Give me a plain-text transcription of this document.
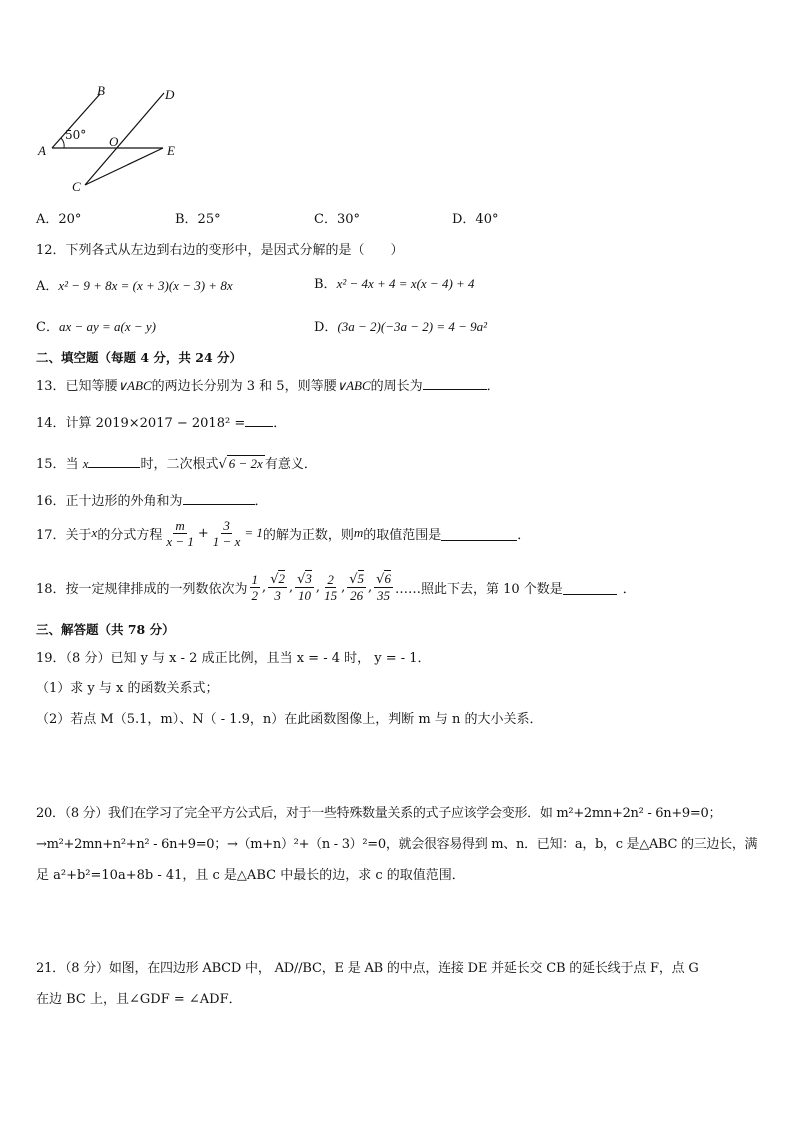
A
B
C
D
E
O
50°
A．20°	B．25°	C．30°	D．40°
12．下列各式从左边到右边的变形中，是因式分解的是（　　）
A．x² − 9 + 8x = (x + 3)(x − 3) + 8x	B．x² − 4x + 4 = x(x − 4) + 4
C．ax − ay = a(x − y)	D．(3a − 2)(−3a − 2) = 4 − 9a²
二、填空题（每题 4 分，共 24 分）
13．已知等腰∨ABC的两边长分别为 3 和 5，则等腰∨ABC的周长为	．
14．计算 2019×2017 − 2018² = ．
15．当 x	时，二次根式√ 6 − 2x 有意义．
16．正十边形的外角和为	．
17．关于 x 的分式方程 $\frac{m}{x - 1} + \frac{3}{1 - x} = 1$ 的解为正数，则 m 的取值范围是	．
18．按一定规律排成的一列数依次为 $\frac{1}{2}$ , $\frac{√2}{3}$ , $\frac{√3}{10}$ , $\frac{2}{15}$ , $\frac{√5}{26}$ , $\frac{√6}{35}$ ……照此下去，第 10 个数是	．
三、解答题（共 78 分）
19．（8 分）已知 y 与 x - 2 成正比例，且当 x = - 4 时， y = - 1．
（1）求 y 与 x 的函数关系式；
（2）若点 M（5.1，m）、N（ - 1.9，n）在此函数图像上，判断 m 与 n 的大小关系．
20．（8 分）我们在学习了完全平方公式后，对于一些特殊数量关系的式子应该学会变形．如 m²+2mn+2n² - 6n+9=0；
→m²+2mn+n²+n² - 6n+9=0；→（m+n）²+（n - 3）²=0，就会很容易得到 m、n．已知：a，b，c 是△ABC 的三边长，满
足 a²+b²=10a+8b - 41，且 c 是△ABC 中最长的边，求 c 的取值范围．
21．（8 分）如图，在四边形 ABCD 中， AD//BC，E 是 AB 的中点，连接 DE 并延长交 CB 的延长线于点 F，点 G
在边 BC 上，且∠GDF = ∠ADF．
